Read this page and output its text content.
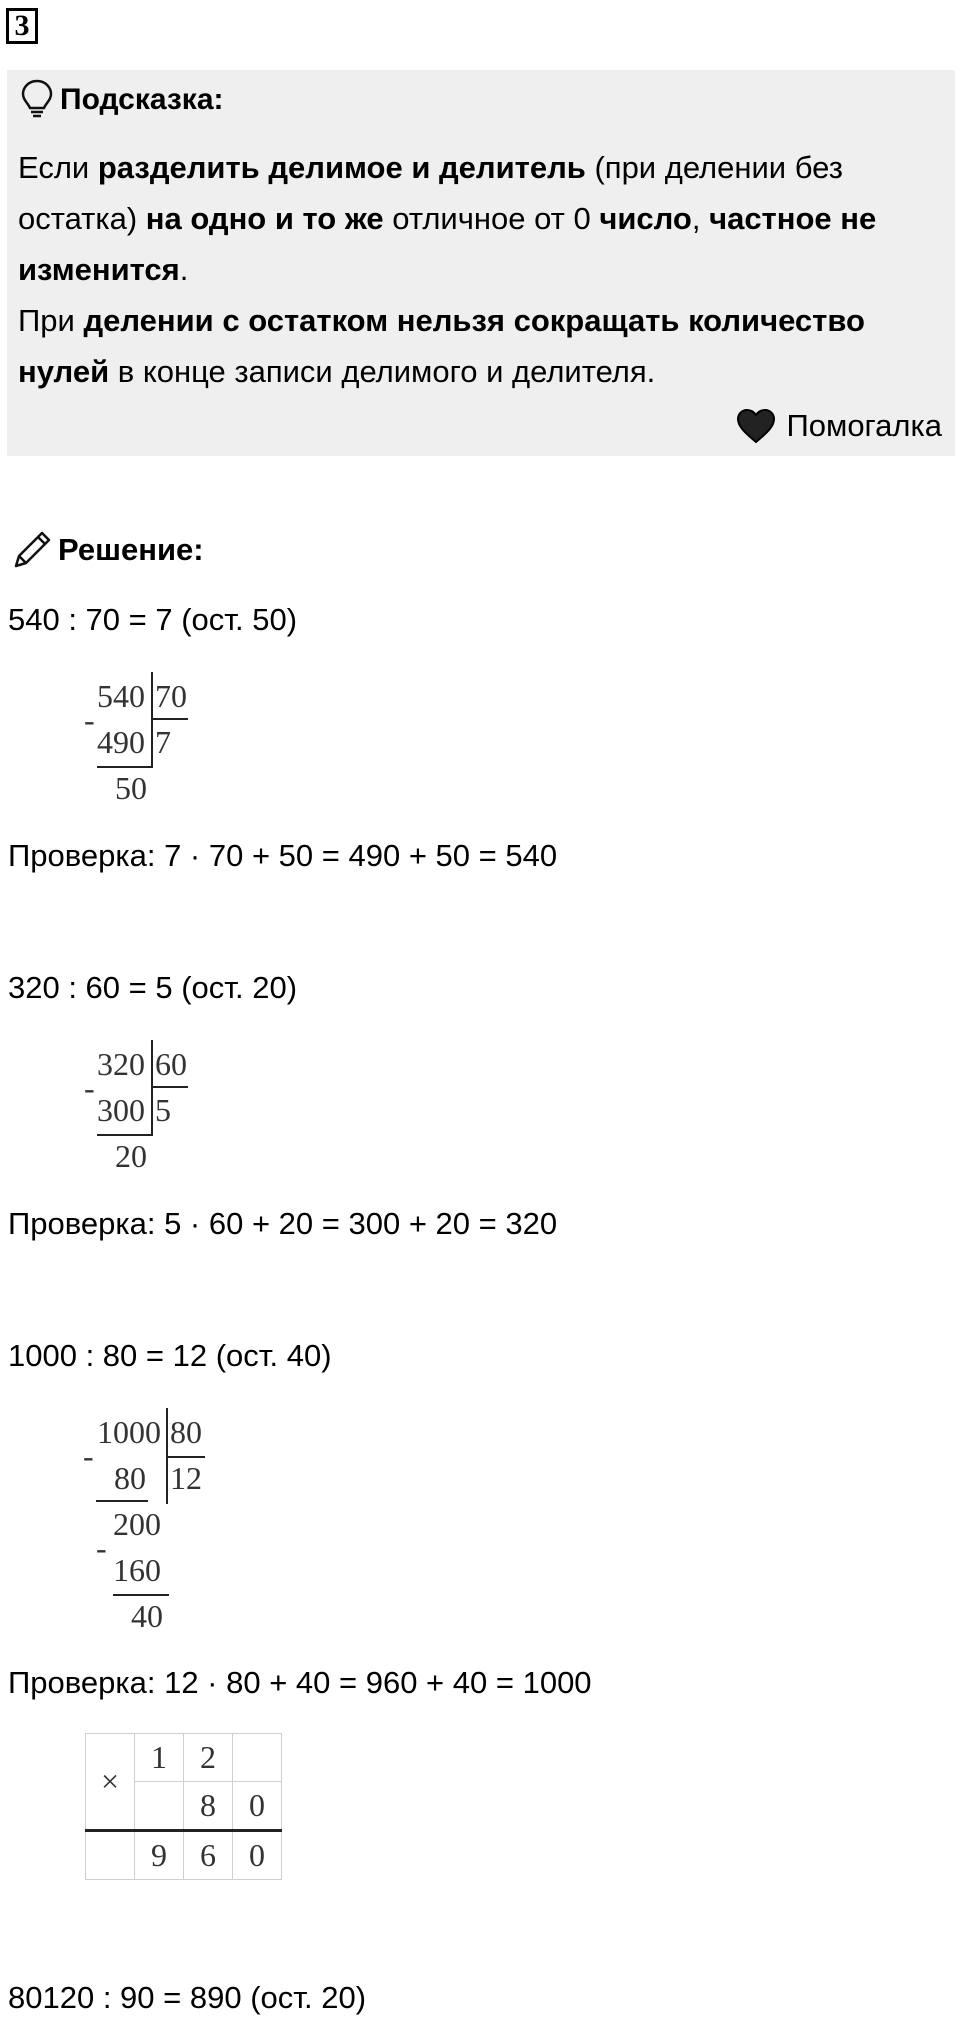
3
Подсказка:

Если разделить делимое и делитель (при делении без остатка) на одно и то же отличное от 0 число, частное не изменится.

При делении с остатком нельзя сокращать количество нулей в конце записи делимого и делителя.

Помогалка
Решение:
540 : 70 = 7 (ост. 50)
540 70
-
490 7
50
Проверка: 7 · 70 + 50 = 490 + 50 = 540
320 : 60 = 5 (ост. 20)
320 60
-
300 5
20
Проверка: 5 · 60 + 20 = 300 + 20 = 320
1000 : 80 = 12 (ост. 40)
1000 80
-
80 12
200
-
160
40
Проверка: 12 · 80 + 40 = 960 + 40 = 1000
×	1	2	
		8	0
	9	6	0
80120 : 90 = 890 (ост. 20)
